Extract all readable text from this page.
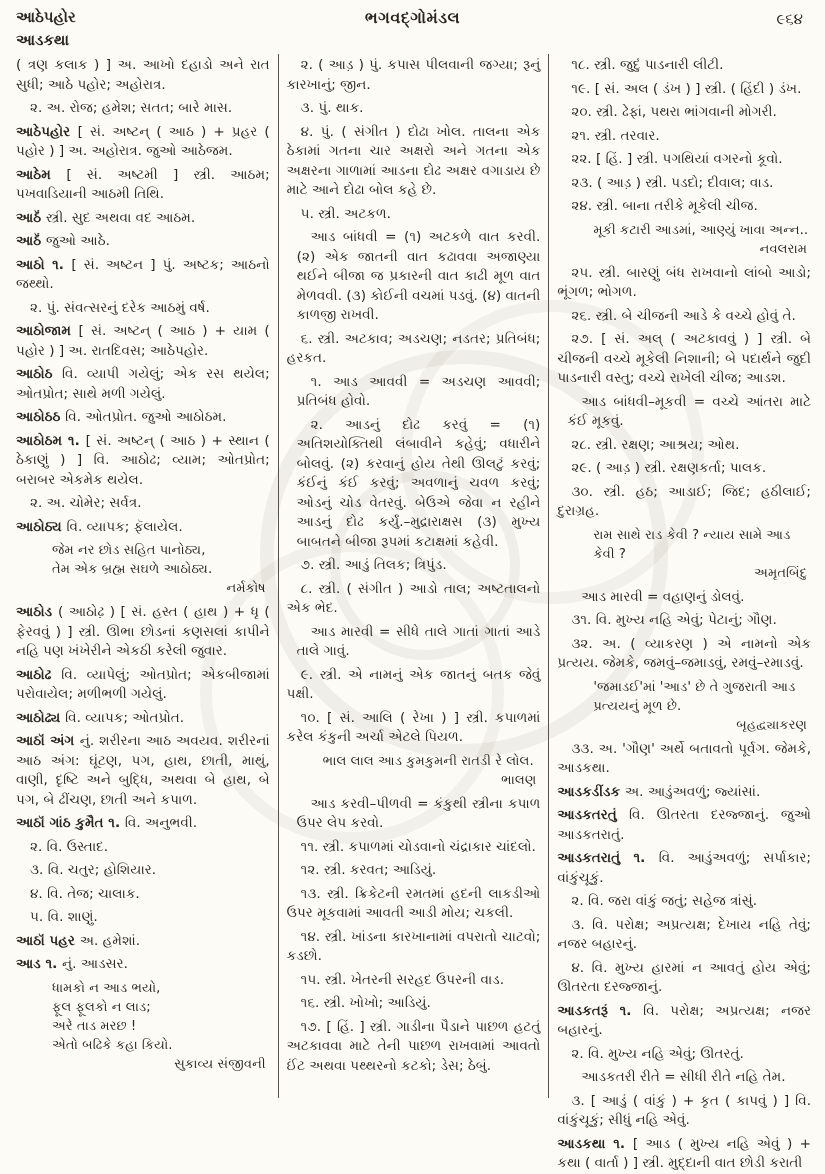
આઠેપહોર
આડકથા
ભગવદ્ગોમંડલ	૯૬૪

( ત્રણ કલાક ) ] અ. આખો દહાડો અને રાત સુધી; આઠે પહોર; અહોરાત્ર.

૨. અ. રોજ; હમેશ; સતત; બારે માસ.

આઠેપહોર [ સં. અષ્ટન્ ( આઠ ) + પ્રહર ( પહોર ) ] અ. અહોરાત્ર. જુઓ આઠેજમ.

આઠેમ [ સં. અષ્ટમી ] સ્ત્રી. આઠમ; પખવાડિયાની આઠમી તિથિ.

આઠૅં સ્ત્રી. સુદ અથવા વદ આઠમ.

આઠૅં જુઓ આઠે.

આઠો ૧. [ સં. અષ્ટન ] પું. અષ્ટક; આઠનો જથ્થો.

૨. પું. સંવત્સરનું દરેક આઠમું વર્ષ.

આઠોજામ [ સં. અષ્ટન્ ( આઠ ) + યામ ( પહોર ) ] અ. રાતદિવસ; આઠેપહોર.

આઠોઠ વિ. વ્યાપી ગયેલું; એક રસ થયેલ; ઓતપ્રોત; સાથે મળી ગયેલું.

આઠોઠઠ વિ. ઓતપ્રોત. જુઓ આઠોઠમ.

આઠોઠમ ૧. [ સં. અષ્ટન્ ( આઠ ) + સ્થાન ( ઠેકાણું ) ] વિ. આઠોઢ; વ્યામ; ઓતપ્રોત; બરાબર એકમેક થયેલ.

૨. અ. ચોમેર; સર્વત્ર.

આઠોઠ્ય વિ. વ્યાપક; ફૅલાયેલ.

જેમ નર છોડ સહિત પાનોઠ્ય,
તેમ એક બ્રહ્મ સઘળે આઠોઠ્ય.
નર્મકોષ

આઠોડ ( આઠોઢ઼ ) [ સં. હસ્ત ( હાથ ) + ધૃ ( ફેરવવું ) ] સ્ત્રી. ઊભા છોડનાં કણસલાં કાપીને નહિ પણ ખંખેરીને એકઠી કરેલી જુવાર.

આઠોઢ વિ. વ્યાપેલું; ઓતપ્રોત; એકબીજામાં પરોવાયેલ; મળીભળી ગયેલું.

આઠોઢ્ય વિ. વ્યાપક; ઓતપ્રોત.

આઠૉં અંગ નું. શરીરના આઠ અવયવ. શરીરનાં આઠ અંગ: ઘૂંટણ, પગ, હાથ, છાતી, માથું, વાણી, દૃષ્ટિ અને બુદ્ધિ, અથવા બે હાથ, બે પગ, બે ઢીંચણ, છાતી અને કપાળ.

આઠૉં ગાંઠ કુમૈત ૧. વિ. અનુભવી.

૨. વિ. ઉસ્તાદ.

૩. વિ. ચતુર; હોશિયાર.

૪. વિ. તેજ; ચાલાક.

૫. વિ. શાણું.

આઠૉં પહર અ. હમેશાં.

આડ ૧. નું. આડસર.

ધામકો ન આડ ભયો,
ફૂલ ફૂલકો ન લાડ;
અરે તાડ મરછ !
એતો બઢિકે કહા કિયો.
સુકાવ્ય સંજીવની

૨. ( આડ઼ ) પું. કપાસ પીલવાની જગ્યા; રૂનું કારખાનું; જીન.

૩. પું. થાક.

૪. પું. ( સંગીત ) દોઢા ખોલ. તાલના એક ઠેકામાં ગતના ચાર અક્ષરો અને ગતના એક અક્ષરના ગાળામાં આડના દોઢ અક્ષર વગાડાય છે માટે આને દોઢા બોલ કહે છે.

૫. સ્ત્રી. અટકળ.

આડ બાંધવી = (૧) અટકળે વાત કરવી. (૨) એક જાતની વાત કઢાવવા અજાણ્યા થઈને બીજા જ પ્રકારની વાત કાઢી મૂળ વાત મેળવવી. (૩) કોઈની વચમાં પડવું. (૪) વાતની કાળજી રાખવી.

૬. સ્ત્રી. અટકાવ; અડચણ; નડતર; પ્રતિબંધ; હરકત.

૧. આડ આવવી = અડચણ આવવી; પ્રતિબંધ હોવો.

૨. આડનું દોઢ કરવું = (૧) અતિશયોક્તિથી લંબાવીને કહેવું; વધારીને બોલવું. (૨) કરવાનું હોય તેથી ઊલટું કરવું; કંઈનું કંઈ કરવું; અવળાનું ચવળ કરવું; ઓડનું ચોડ વેતરવું. બેઉએ જેવા ન રહીને આડનું દોઢ કર્યું.–મુદ્રારાક્ષસ (૩) મુખ્ય બાબતને બીજા રૂપમાં કટાક્ષમાં કહેવી.

૭. સ્ત્રી. આડું તિલક; ત્રિપુંડ.

૮. સ્ત્રી. ( સંગીત ) આડો તાલ; અષ્ટતાલનો એક ભેદ.

આડ મારવી = સીધે તાલે ગાતાં ગાતાં આડે તાલે ગાવું.

૯. સ્ત્રી. એ નામનું એક જાતનું બતક જેવું પક્ષી.

૧૦. [ સં. આલિ ( રેખા ) ] સ્ત્રી. કપાળમાં કરેલ કંકુની અર્ચા એટલે પિયળ.

ભાલ લાલ આડ કુમકુમની રાતડી રે લોલ.
ભાલણ

આડ કરવી–પીળવી = કંકુથી સ્ત્રીના કપાળ ઉપર લેપ કરવો.

૧૧. સ્ત્રી. કપાળમાં ચોડવાનો ચંદ્રાકાર ચાંદલો.

૧૨. સ્ત્રી. કરવત; આડિયું.

૧૩. સ્ત્રી. ક્રિકેટની રમતમાં હદની લાકડીઓ ઉપર મૂકવામાં આવતી આડી મોય; ચકલી.

૧૪. સ્ત્રી. ખાંડના કારખાનામાં વપરાતો ચાટવો; કડછો.

૧૫. સ્ત્રી. ખેતરની સરહદ ઉપરની વાડ.

૧૬. સ્ત્રી. ખોખો; આડિયું.

૧૭. [ હિં. ] સ્ત્રી. ગાડીના પૈડાને પાછળ હટતું અટકાવવા માટે તેની પાછળ રાખવામાં આવતો ઈંટ અથવા પથ્થરનો કટકો; ડેસ; ઠેબું.

૧૮. સ્ત્રી. જુદું પાડનારી લીટી.

૧૯. [ સં. અલ ( ડંખ ) ] સ્ત્રી. ( હિંદી ) ડંખ.

૨૦. સ્ત્રી. ઢેફાં, પથરા ભાંગવાની મોગરી.

૨૧. સ્ત્રી. તરવાર.

૨૨. [ હિં. ] સ્ત્રી. પગથિયાં વગરનો કૂવો.

૨૩. ( આડ઼ ) સ્ત્રી. પડદો; દીવાલ; વાડ.

૨૪. સ્ત્રી. બાના તરીકે મૂકેલી ચીજ.

મૂકી કટારી આડમાં, આણ્યું ખાવા અન્ન..
નવલરામ

૨૫. સ્ત્રી. બારણું બંધ રાખવાનો લાંબો આડો; ભૂંગળ; ભોગળ.

૨૬. સ્ત્રી. બે ચીજની આડે કે વચ્ચે હોવું તે.

૨૭. [ સં. અલ્ ( અટકાવવું ) ] સ્ત્રી. બે ચીજની વચ્ચે મૂકેલી નિશાની; બે પદાર્થને જુદી પાડનારી વસ્તુ; વચ્ચે રાખેલી ચીજ; આડશ.

આડ બાંધવી–મૂકવી = વચ્ચે આંતરા માટે કંઈ મૂકવું.

૨૮. સ્ત્રી. રક્ષણ; આશ્રય; ઓથ.

૨૯. ( આડ઼ ) સ્ત્રી. રક્ષણકર્તા; પાલક.

૩૦. સ્ત્રી. હઠ; આડાઈ; જિદ; હઠીલાઈ; દુરાગ્રહ.

રામ સાથે રાડ કેવી ? ન્યાય સામે આડ કેવી ?
અમૃતબિંદુ

આડ મારવી = વહાણનું ડોલવું.

૩૧. વિ. મુખ્ય નહિ એવું; પેટાનું; ગૌણ.

૩૨. અ. ( વ્યાકરણ ) એ નામનો એક પ્રત્યય. જેમકે, જમવું–જમાડવું, રમવું–રમાડવું.

'જમાડઈ'માં 'આડ' છે તે ગુજરાતી આડ પ્રત્યયનું મૂળ છે.
બૃહદ્વ્યાકરણ

૩૩. અ. 'ગૌણ' અર્થે બતાવતો પૂર્વગ. જેમકે, આડકથા.

આડકડીંડક અ. આડુંઅવળું; જ્યાંસાં.

આડકતરતું વિ. ઊતરતા દરજ્જાનું. જુઓ આડકતરાતું.

આડકતરાતું ૧. વિ. આડુંઅવળું; સર્પાકાર; વાંકુંચૂકું.

૨. વિ. જરા વાંકું જતું; સહેજ ત્રાંસું.

૩. વિ. પરોક્ષ; અપ્રત્યક્ષ; દેખાય નહિ તેવું; નજર બહારનું.

૪. વિ. મુખ્ય હારમાં ન આવતું હોય એવું; ઊતરતા દરજ્જાનું.

આડકતરૂં ૧. વિ. પરોક્ષ; અપ્રત્યક્ષ; નજર બહારનું.

૨. વિ. મુખ્ય નહિ એવું; ઊતરતું.

આડકતરી રીતે = સીધી રીતે નહિ તેમ.

૩. [ આડું ( વાંકું ) + કૃત ( કાપવું ) ] વિ. વાંકુંચૂકું; સીધું નહિ એવું.

આડકથા ૧. [ આડ ( મુખ્ય નહિ એવું ) + કથા ( વાર્તા ) ] સ્ત્રી. મુદ્દાની વાત છોડી કરાતી
